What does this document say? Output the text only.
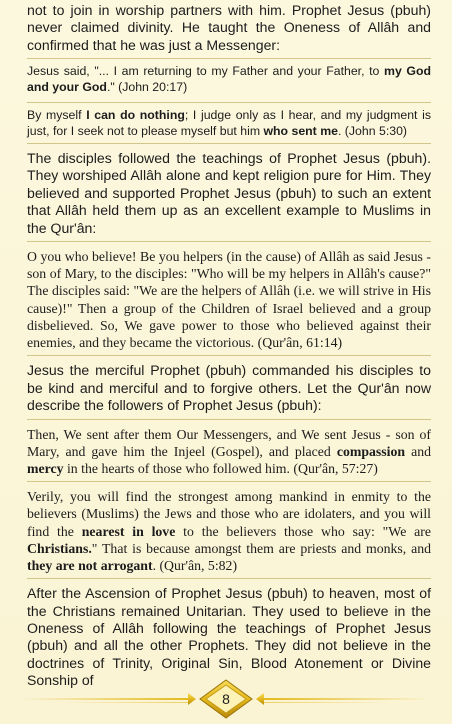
not to join in worship partners with him. Prophet Jesus (pbuh) never claimed divinity. He taught the Oneness of Allâh and confirmed that he was just a Messenger:

Jesus said, "... I am returning to my Father and your Father, to my God and your God." (John 20:17)

By myself I can do nothing; I judge only as I hear, and my judgment is just, for I seek not to please myself but him who sent me. (John 5:30)

The disciples followed the teachings of Prophet Jesus (pbuh). They worshiped Allâh alone and kept religion pure for Him. They believed and supported Prophet Jesus (pbuh) to such an extent that Allâh held them up as an excellent example to Muslims in the Qur'ân:

O you who believe! Be you helpers (in the cause) of Allâh as said Jesus - son of Mary, to the disciples: "Who will be my helpers in Allâh's cause?" The disciples said: "We are the helpers of Allâh (i.e. we will strive in His cause)!" Then a group of the Children of Israel believed and a group disbelieved. So, We gave power to those who believed against their enemies, and they became the victorious. (Qur'ân, 61:14)

Jesus the merciful Prophet (pbuh) commanded his disciples to be kind and merciful and to forgive others. Let the Qur'ân now describe the followers of Prophet Jesus (pbuh):

Then, We sent after them Our Messengers, and We sent Jesus - son of Mary, and gave him the Injeel (Gospel), and placed compassion and mercy in the hearts of those who followed him. (Qur'ân, 57:27)

Verily, you will find the strongest among mankind in enmity to the believers (Muslims) the Jews and those who are idolaters, and you will find the nearest in love to the believers those who say: "We are Christians." That is because amongst them are priests and monks, and they are not arrogant. (Qur'ân, 5:82)

After the Ascension of Prophet Jesus (pbuh) to heaven, most of the Christians remained Unitarian. They used to believe in the Oneness of Allâh following the teachings of Prophet Jesus (pbuh) and all the other Prophets. They did not believe in the doctrines of Trinity, Original Sin, Blood Atonement or Divine Sonship of

8
